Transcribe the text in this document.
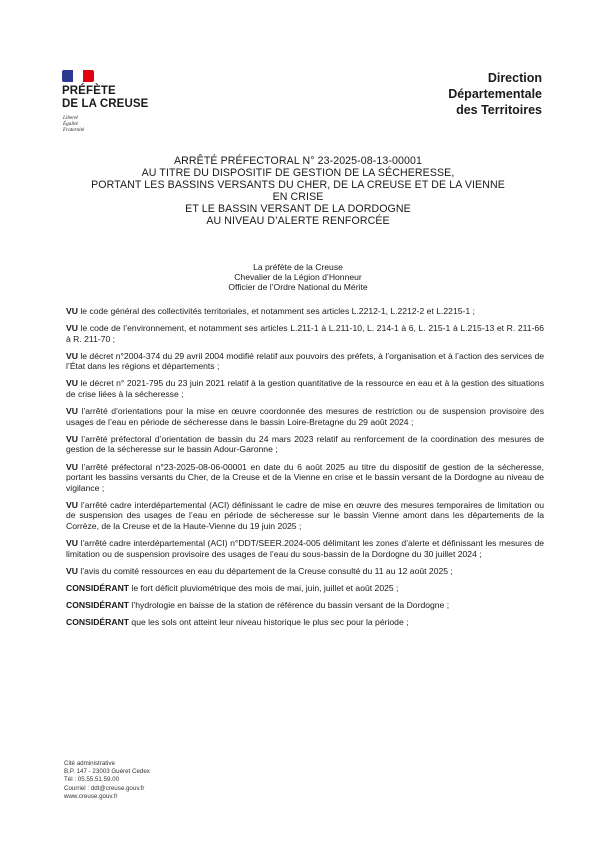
PRÉFÈTE
DE LA CREUSE
Liberté
Égalité
Fraternité
Direction
Départementale
des Territoires
ARRÊTÉ PRÉFECTORAL N° 23-2025-08-13-00001
AU TITRE DU DISPOSITIF DE GESTION DE LA SÉCHERESSE,
PORTANT LES BASSINS VERSANTS DU CHER, DE LA CREUSE ET DE LA VIENNE
EN CRISE
ET LE BASSIN VERSANT DE LA DORDOGNE
AU NIVEAU D’ALERTE RENFORCÉE
La préfète de la Creuse
Chevalier de la Légion d’Honneur
Officier de l’Ordre National du Mérite
VU le code général des collectivités territoriales, et notamment ses articles L.2212-1, L.2212-2 et L.2215-1 ;
VU le code de l’environnement, et notamment ses articles L.211-1 à L.211-10, L. 214-1 à 6, L. 215-1 à L.215-13 et R. 211-66 à R. 211-70 ;
VU le décret n°2004-374 du 29 avril 2004 modifié relatif aux pouvoirs des préfets, à l’organisation et à l’action des services de l’État dans les régions et départements ;
VU le décret n° 2021-795 du 23 juin 2021 relatif à la gestion quantitative de la ressource en eau et à la gestion des situations de crise liées à la sécheresse ;
VU l’arrêté d’orientations pour la mise en œuvre coordonnée des mesures de restriction ou de suspension provisoire des usages de l’eau en période de sécheresse dans le bassin Loire-Bretagne du 29 août 2024 ;
VU l’arrêté préfectoral d’orientation de bassin du 24 mars 2023 relatif au renforcement de la coordination des mesures de gestion de la sécheresse sur le bassin Adour-Garonne ;
VU l’arrêté préfectoral n°23-2025-08-06-00001 en date du 6 août 2025 au titre du dispositif de gestion de la sécheresse, portant les bassins versants du Cher, de la Creuse et de la Vienne en crise et le bassin versant de la Dordogne au niveau de vigilance ;
VU l’arrêté cadre interdépartemental (ACI) définissant le cadre de mise en œuvre des mesures temporaires de limitation ou de suspension des usages de l’eau en période de sécheresse sur le bassin Vienne amont dans les départements de la Corrèze, de la Creuse et de la Haute-Vienne du 19 juin 2025 ;
VU l’arrêté cadre interdépartemental (ACI) n°DDT/SEER.2024-005 délimitant les zones d’alerte et définissant les mesures de limitation ou de suspension provisoire des usages de l’eau du sous-bassin de la Dordogne du 30 juillet 2024 ;
VU l’avis du comité ressources en eau du département de la Creuse consulté du 11 au 12 août 2025 ;
CONSIDÉRANT le fort déficit pluviométrique des mois de mai, juin, juillet et août 2025 ;
CONSIDÉRANT l’hydrologie en baisse de la station de référence du bassin versant de la Dordogne ;
CONSIDÉRANT que les sols ont atteint leur niveau historique le plus sec pour la période ;
Cité administrative
B.P. 147 - 23003 Guéret Cedex
Tél : 05.55.51.59.00
Courriel : ddt@creuse.gouv.fr
www.creuse.gouv.fr
